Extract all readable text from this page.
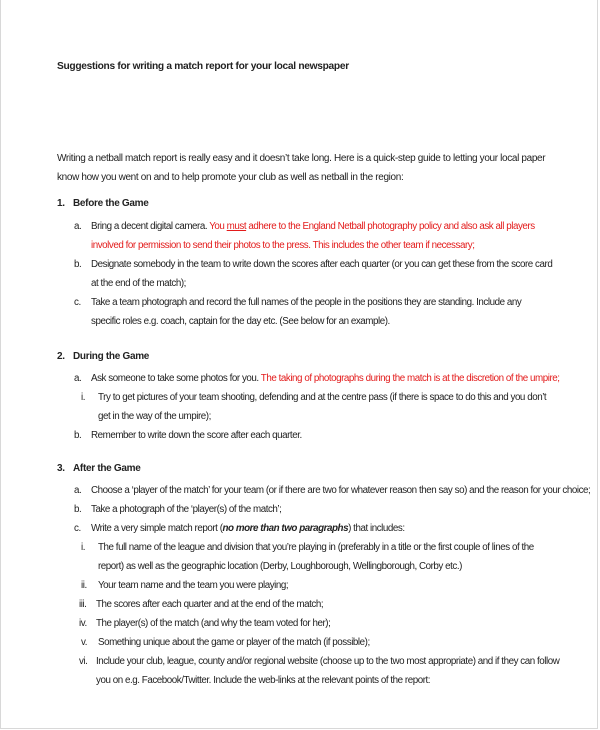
Suggestions for writing a match report for your local newspaper
Writing a netball match report is really easy and it doesn’t take long. Here is a quick-step guide to letting your local paper know how you went on and to help promote your club as well as netball in the region:
1. Before the Game
a. Bring a decent digital camera. You must adhere to the England Netball photography policy and also ask all players involved for permission to send their photos to the press. This includes the other team if necessary;
b. Designate somebody in the team to write down the scores after each quarter (or you can get these from the score card at the end of the match);
c. Take a team photograph and record the full names of the people in the positions they are standing. Include any specific roles e.g. coach, captain for the day etc. (See below for an example).
2. During the Game
a. Ask someone to take some photos for you. The taking of photographs during the match is at the discretion of the umpire;
i. Try to get pictures of your team shooting, defending and at the centre pass (if there is space to do this and you don’t get in the way of the umpire);
b. Remember to write down the score after each quarter.
3. After the Game
a. Choose a ‘player of the match’ for your team (or if there are two for whatever reason then say so) and the reason for your choice;
b. Take a photograph of the ‘player(s) of the match’;
c. Write a very simple match report (no more than two paragraphs) that includes:
i. The full name of the league and division that you’re playing in (preferably in a title or the first couple of lines of the report) as well as the geographic location (Derby, Loughborough, Wellingborough, Corby etc.)
ii. Your team name and the team you were playing;
iii. The scores after each quarter and at the end of the match;
iv. The player(s) of the match (and why the team voted for her);
v. Something unique about the game or player of the match (if possible);
vi. Include your club, league, county and/or regional website (choose up to the two most appropriate) and if they can follow you on e.g. Facebook/Twitter. Include the web-links at the relevant points of the report:
